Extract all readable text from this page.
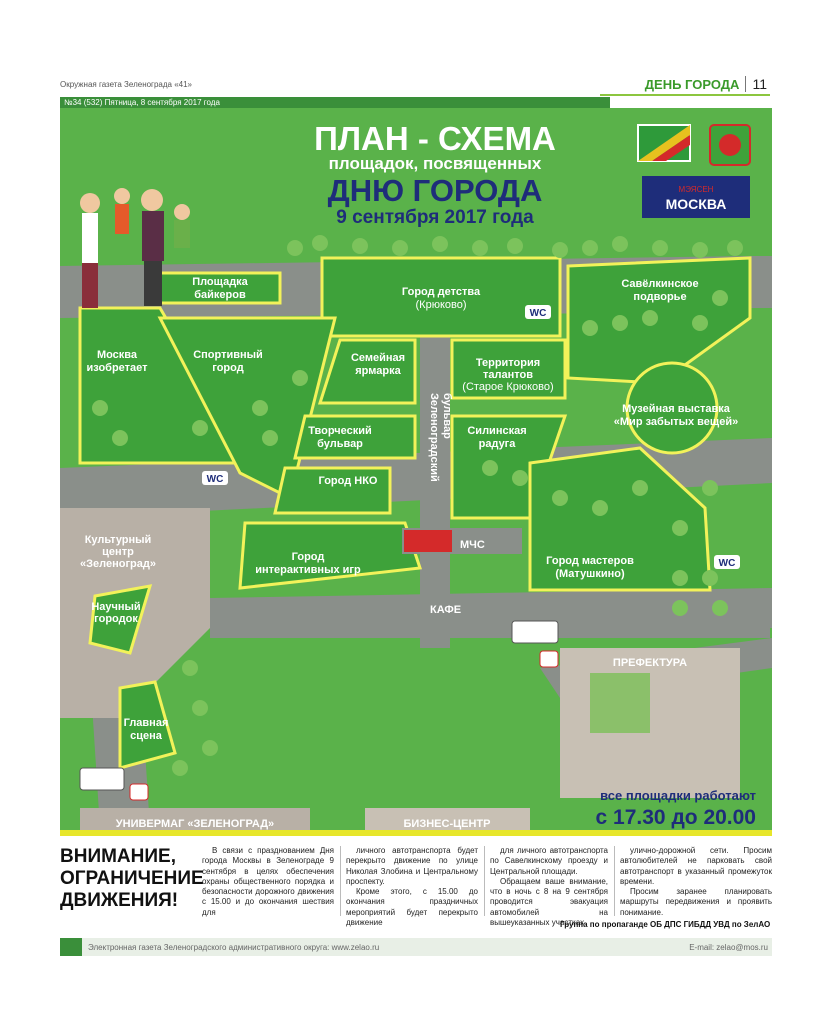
Окружная газета Зеленограда «41»
№34 (532) Пятница, 8 сентября 2017 года
ДЕНЬ ГОРОДА 11
ПЛАН - СХЕМА
площадок, посвященных
ДНЮ ГОРОДА
9 сентября 2017 года
МЭЯСЕН
МОСКВА
Площадка байкеров	Город детства (Крюково)
Савёлкинское подворье
Москва изобретает
Спортивный город
Семейная ярмарка
Территория талантов (Старое Крюково)
Музейная выставка «Мир забытых вещей»
Творческий бульвар
Силинская радуга
Город НКО
Город интерактивных игр
Город мастеров (Матушкино)
Культурный центр «Зеленоград»
Научный городок
Главная сцена
Зеленоградский бульвар
МЧС
КАФЕ
ПРЕФЕКТУРА
WC
WC
WC
все площадки работают
с 17.30 до 20.00
УНИВЕРМАГ «ЗЕЛЕНОГРАД»	БИЗНЕС-ЦЕНТР
ВНИМАНИЕ, ОГРАНИЧЕНИЕ ДВИЖЕНИЯ!

В связи с празднованием Дня города Москвы в Зеленограде 9 сентября в целях обеспечения охраны общественного порядка и безопасности дорожного движения с 15.00 и до окончания шествия для

личного автотранспорта будет перекрыто движение по улице Николая Злобина и Центральному проспекту.

Кроме этого, с 15.00 до окончания праздничных мероприятий будет перекрыто движение

для личного автотранспорта по Савелкинскому проезду и Центральной площади.

Обращаем ваше внимание, что в ночь с 8 на 9 сентября проводится эвакуация автомобилей на вышеуказанных участках

улично-дорожной сети. Просим автолюбителей не парковать свой автотранспорт в указанный промежуток времени.

Просим заранее планировать маршруты передвижения и проявить понимание.

Группа по пропаганде ОБ ДПС ГИБДД УВД по ЗелАО
Электронная газета Зеленоградского административного округа: www.zelao.ru	E-mail: zelao@mos.ru
